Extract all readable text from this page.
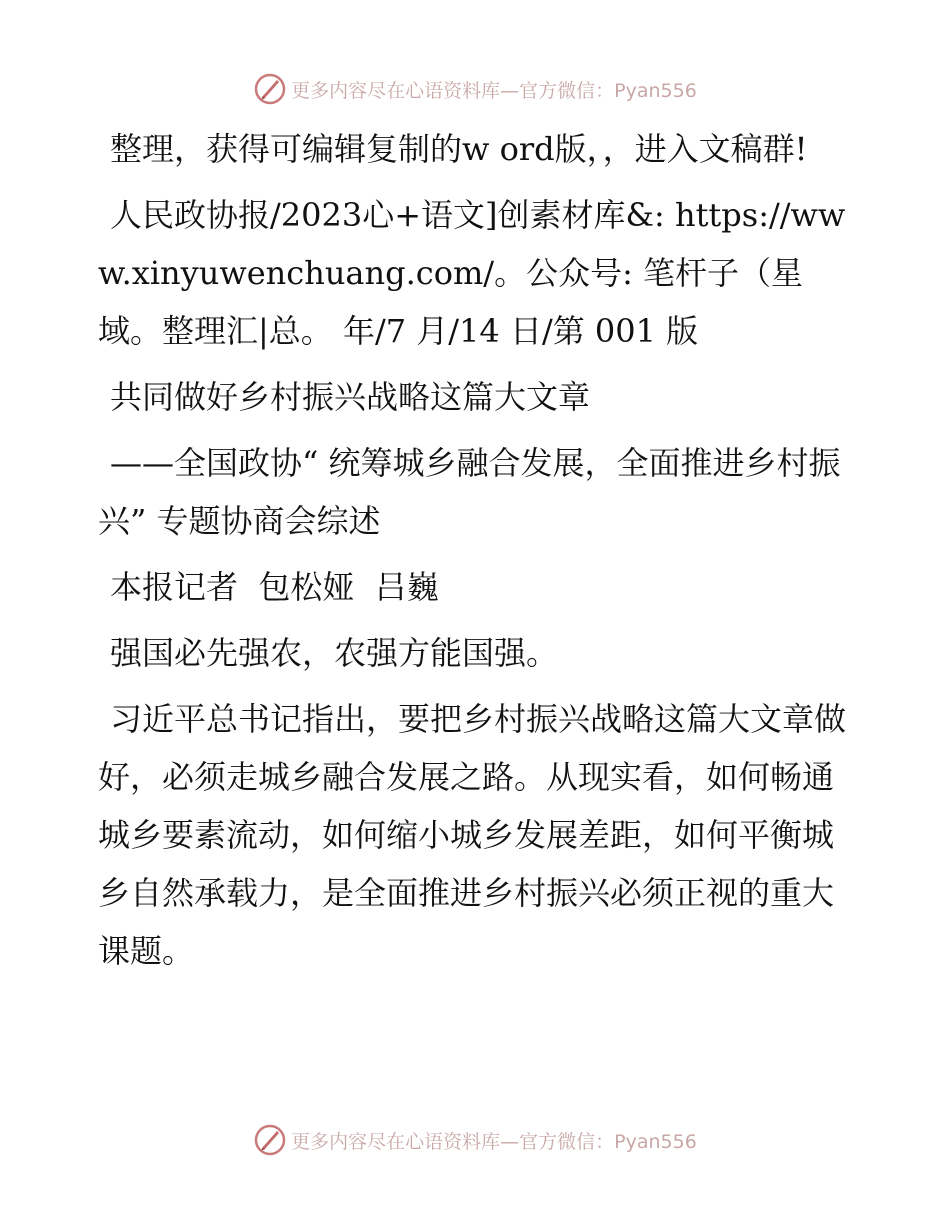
更多内容尽在心语资料库—官方微信：Pyan556

整理，获得可编辑复制的w ord版，，进入文稿群!

人民政协报/2023心+语文]创素材库&: https://www.xinyuwenchuang.com/。公众号: 笔杆子（星域。整理汇|总。 年/7 月/14 日/第 001 版

共同做好乡村振兴战略这篇大文章

——全国政协“ 统筹城乡融合发展，全面推进乡村振兴” 专题协商会综述

本报记者  包松娅  吕巍

强国必先强农，农强方能国强。

习近平总书记指出，要把乡村振兴战略这篇大文章做好，必须走城乡融合发展之路。从现实看，如何畅通城乡要素流动，如何缩小城乡发展差距，如何平衡城乡自然承载力，是全面推进乡村振兴必须正视的重大课题。

更多内容尽在心语资料库—官方微信：Pyan556
